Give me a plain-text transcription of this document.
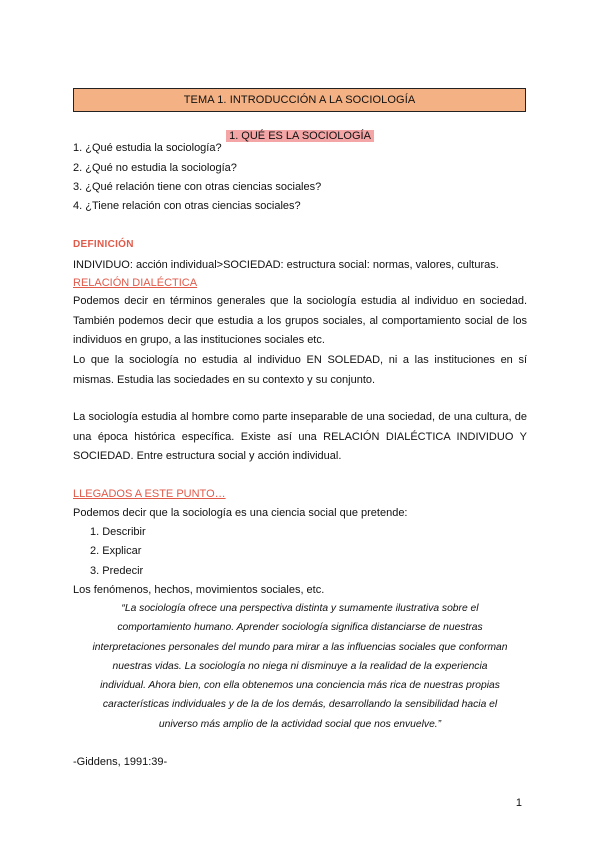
TEMA 1. INTRODUCCIÓN A LA SOCIOLOGÍA
1. QUÉ ES LA SOCIOLOGÍA
1. ¿Qué estudia la sociología?
2. ¿Qué no estudia la sociología?
3. ¿Qué relación tiene con otras ciencias sociales?
4. ¿Tiene relación con otras ciencias sociales?
DEFINICIÓN
INDIVIDUO: acción individual>SOCIEDAD: estructura social: normas, valores, culturas.
RELACIÓN DIALÉCTICA
Podemos decir en términos generales que la sociología estudia al individuo en sociedad. También podemos decir que estudia a los grupos sociales, al comportamiento social de los individuos en grupo, a las instituciones sociales etc.
Lo que la sociología no estudia al individuo EN SOLEDAD, ni a las instituciones en sí mismas. Estudia las sociedades en su contexto y su conjunto.
La sociología estudia al hombre como parte inseparable de una sociedad, de una cultura, de una época histórica específica. Existe así una RELACIÓN DIALÉCTICA INDIVIDUO Y SOCIEDAD. Entre estructura social y acción individual.
LLEGADOS A ESTE PUNTO…
Podemos decir que la sociología es una ciencia social que pretende:
1. Describir
2. Explicar
3. Predecir
Los fenómenos, hechos, movimientos sociales, etc.
“La sociología ofrece una perspectiva distinta y sumamente ilustrativa sobre el
comportamiento humano. Aprender sociología significa distanciarse de nuestras
interpretaciones personales del mundo para mirar a las influencias sociales que conforman
nuestras vidas. La sociología no niega ni disminuye a la realidad de la experiencia
individual. Ahora bien, con ella obtenemos una conciencia más rica de nuestras propias
características individuales y de la de los demás, desarrollando la sensibilidad hacia el
universo más amplio de la actividad social que nos envuelve.”
-Giddens, 1991:39-
1
